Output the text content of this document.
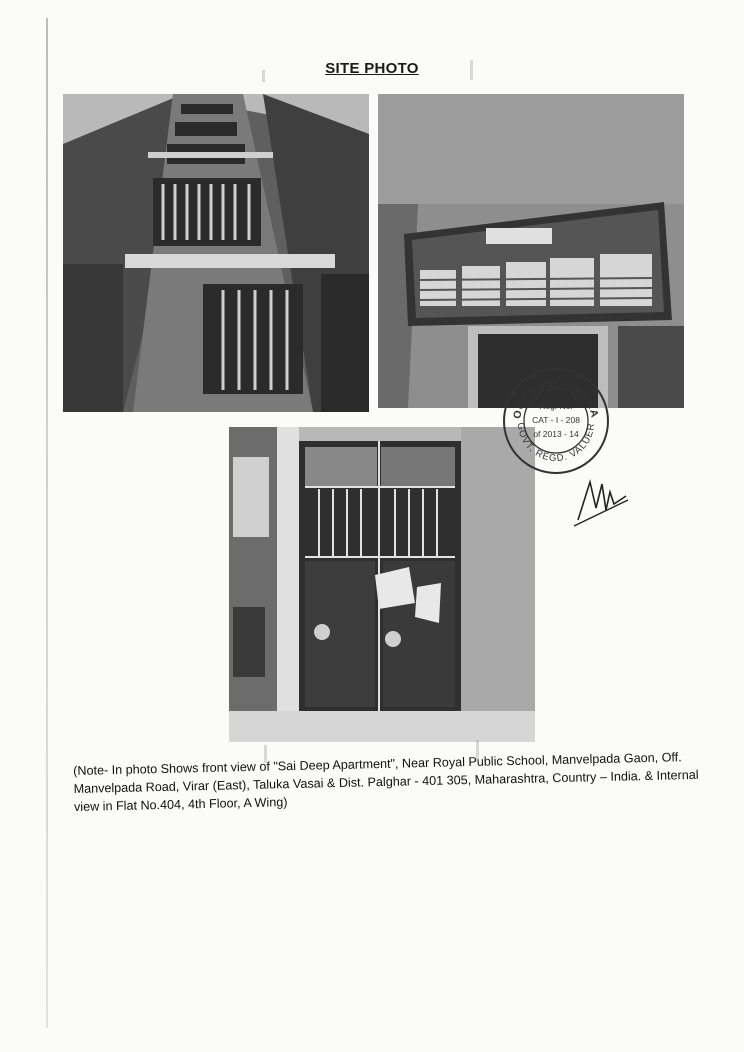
SITE PHOTO
OGESH R. VANKA
GOVT. REGD. VALUER
Reg. No.
CAT - I - 208
of 2013 - 14
(Note- In photo Shows front view of "Sai Deep Apartment", Near Royal Public School, Manvelpada Gaon, Off. Manvelpada Road, Virar (East), Taluka Vasai & Dist. Palghar - 401 305, Maharashtra, Country – India. & Internal view in Flat No.404, 4th Floor, A Wing)
